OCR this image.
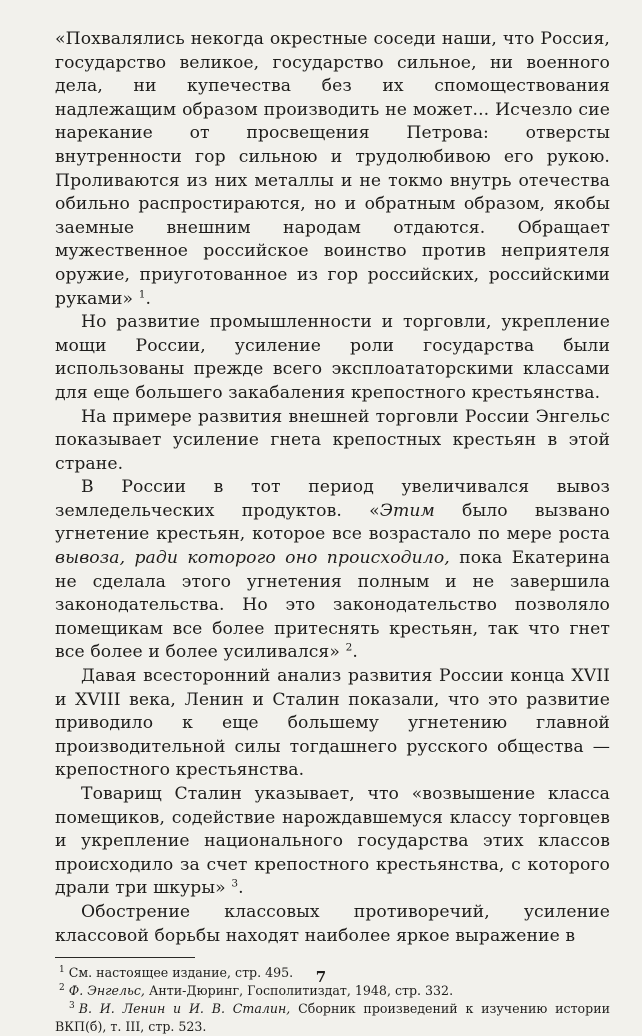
«Похвалялись некогда окрестные соседи наши, что Россия, государство великое, государство сильное, ни военного дела, ни купечества без их спомоществования надлежащим образом производить не может... Исчезло сие нарекание от просвещения Петрова: отверсты внутренности гор сильною и трудолюбивою его рукою. Проливаются из них металлы и не токмо внутрь отечества обильно распростираются, но и обратным образом, якобы заемные внешним народам отдаются. Обращает мужественное российское воинство против неприятеля оружие, приуготованное из гор российских, российскими руками» $^1$.

Но развитие промышленности и торговли, укрепление мощи России, усиление роли государства были использованы прежде всего эксплоататорскими классами для еще большего закабаления крепостного крестьянства.

На примере развития внешней торговли России Энгельс показывает усиление гнета крепостных крестьян в этой стране.

В России в тот период увеличивался вывоз земледельческих продуктов. «Этим было вызвано угнетение крестьян, которое все возрастало по мере роста вывоза, ради которого оно происходило, пока Екатерина не сделала этого угнетения полным и не завершила законодательства. Но это законодательство позволяло помещикам все более притеснять крестьян, так что гнет все более и более усиливался» $^2$.

Давая всесторонний анализ развития России конца XVII и XVIII века, Ленин и Сталин показали, что это развитие приводило к еще большему угнетению главной производительной силы тогдашнего русского общества — крепостного крестьянства.

Товарищ Сталин указывает, что «возвышение класса помещиков, содействие нарождавшемуся классу торговцев и укрепление национального государства этих классов происходило за счет крепостного крестьянства, с которого драли три шкуры» $^3$.

Обострение классовых противоречий, усиление классовой борьбы находят наиболее яркое выражение в

$^1$ См. настоящее издание, стр. 495.

$^2$ Ф. Энгельс, Анти-Дюринг, Госполитиздат, 1948, стр. 332.

$^3$ В. И. Ленин и И. В. Сталин, Сборник произведений к изучению истории ВКП(б), т. III, стр. 523.

7
